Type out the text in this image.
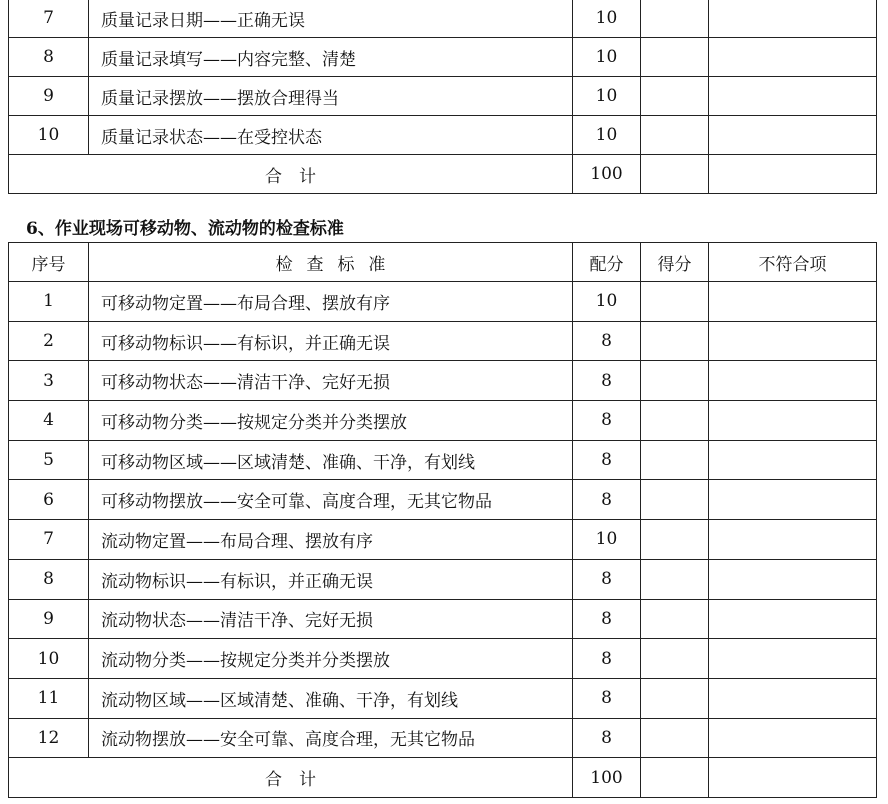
7	质量记录日期——正确无误	10		
8	质量记录填写——内容完整、清楚	10		
9	质量记录摆放——摆放合理得当	10		
10	质量记录状态——在受控状态	10		
合　计		100		
6、作业现场可移动物、流动物的检查标准
序号	检 查 标 准	配分	得分	不符合项
1	可移动物定置——布局合理、摆放有序	10		
2	可移动物标识——有标识，并正确无误	8		
3	可移动物状态——清洁干净、完好无损	8		
4	可移动物分类——按规定分类并分类摆放	8		
5	可移动物区域——区域清楚、准确、干净，有划线	8		
6	可移动物摆放——安全可靠、高度合理，无其它物品	8		
7	流动物定置——布局合理、摆放有序	10		
8	流动物标识——有标识，并正确无误	8		
9	流动物状态——清洁干净、完好无损	8		
10	流动物分类——按规定分类并分类摆放	8		
11	流动物区域——区域清楚、准确、干净，有划线	8		
12	流动物摆放——安全可靠、高度合理，无其它物品	8		
合　计		100		
